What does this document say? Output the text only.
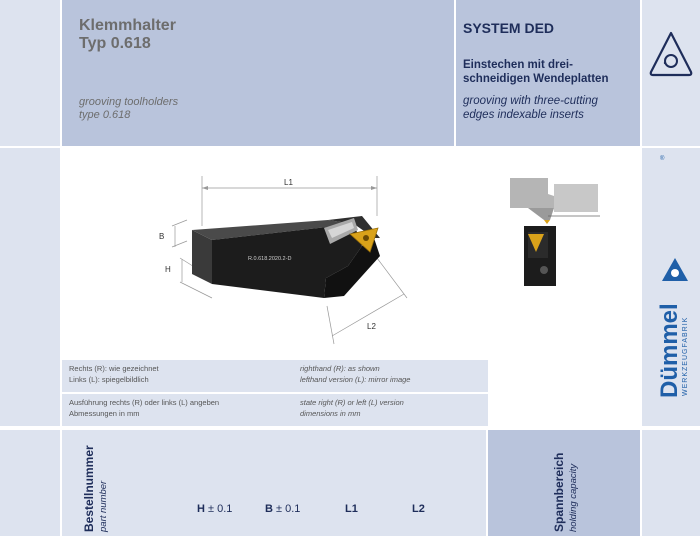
Klemmhalter
Typ 0.618
grooving toolholders
type 0.618
SYSTEM DED
Einstechen mit drei-
schneidigen Wendeplatten
grooving with three-cutting
edges indexable inserts
L1
B
H
L2
R.0.618.2020.2-D
Dümmel WERKZEUGFABRIK
®
Rechts (R): wie gezeichnet
Links (L): spiegelbildlich
righthand (R): as shown
lefthand version (L): mirror image
Ausführung rechts (R) oder links (L) angeben
Abmessungen in mm
state right (R) or left (L) version
dimensions in mm
Bestellnummer part number	H ± 0.1	B ± 0.1	L1	L2	Spannbereich holding capacity
